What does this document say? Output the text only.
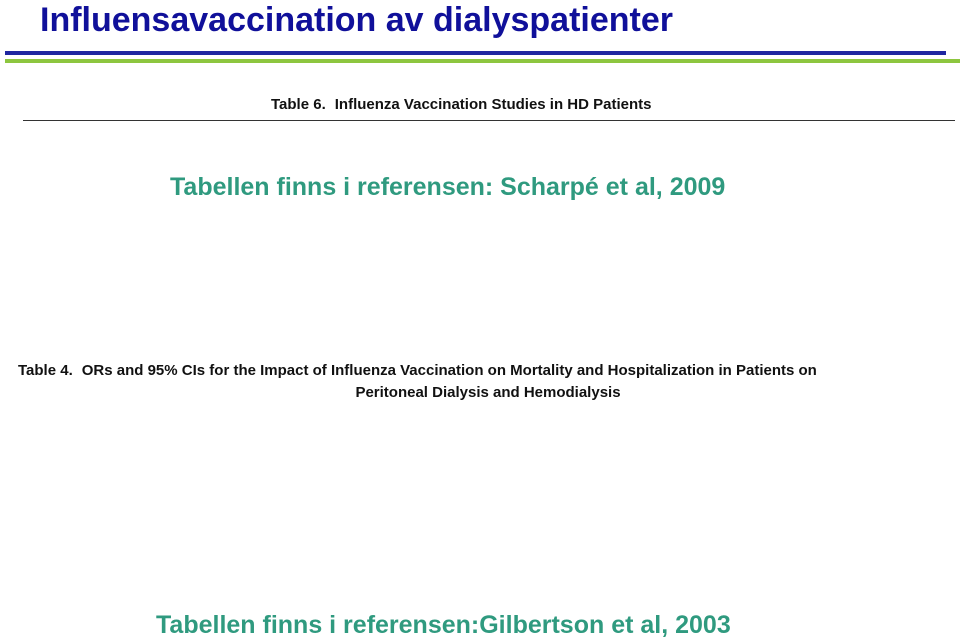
Influensavaccination av dialyspatienter
Table 6. Influenza Vaccination Studies in HD Patients
Tabellen finns i referensen: Scharpé et al, 2009
Table 4. ORs and 95% CIs for the Impact of Influenza Vaccination on Mortality and Hospitalization in Patients on
Peritoneal Dialysis and Hemodialysis
Tabellen finns i referensen:Gilbertson et al, 2003
